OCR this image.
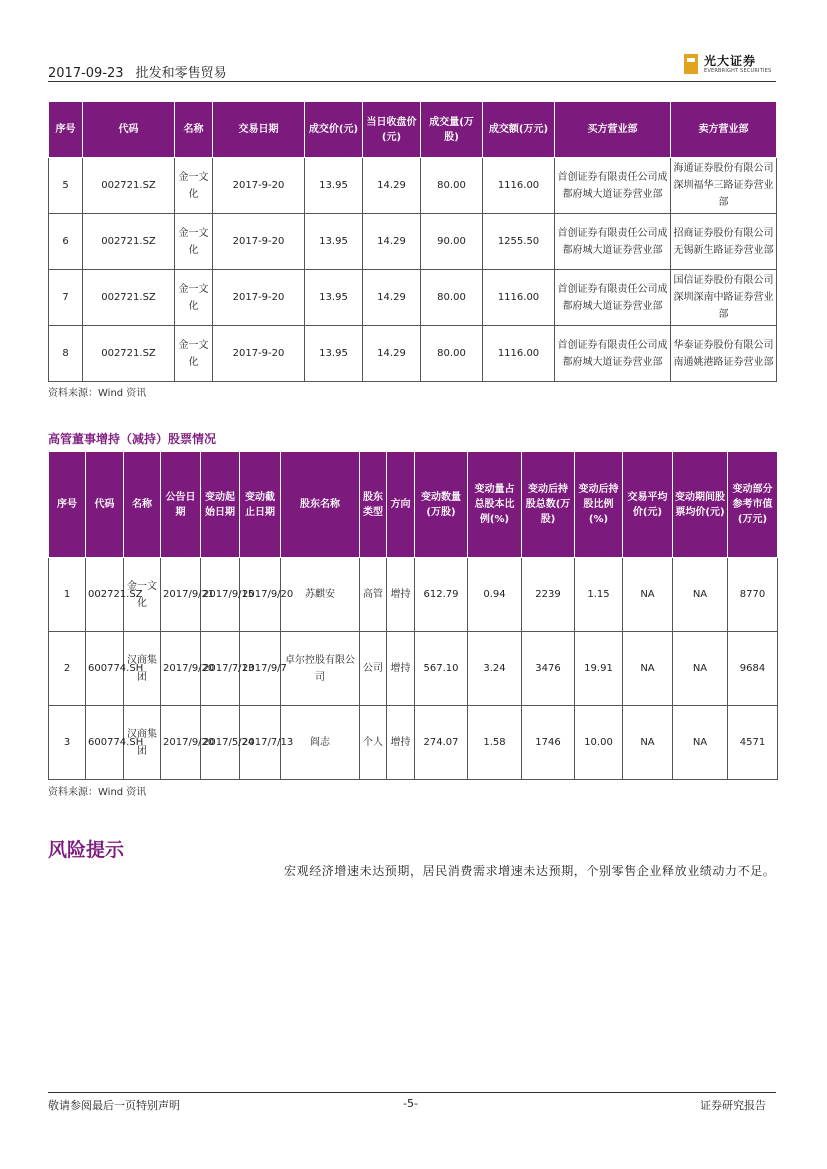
2017-09-23 批发和零售贸易
光大证券
EVERBRIGHT SECURITIES
序号	代码	名称	交易日期	成交价(元)	当日收盘价(元)	成交量(万股)	成交额(万元)	买方营业部	卖方营业部
5	002721.SZ	金一文化	2017-9-20	13.95	14.29	80.00	1116.00	首创证券有限责任公司成都府城大道证券营业部	海通证券股份有限公司深圳福华三路证券营业部
6	002721.SZ	金一文化	2017-9-20	13.95	14.29	90.00	1255.50	首创证券有限责任公司成都府城大道证券营业部	招商证券股份有限公司无锡新生路证券营业部
7	002721.SZ	金一文化	2017-9-20	13.95	14.29	80.00	1116.00	首创证券有限责任公司成都府城大道证券营业部	国信证券股份有限公司深圳深南中路证券营业部
8	002721.SZ	金一文化	2017-9-20	13.95	14.29	80.00	1116.00	首创证券有限责任公司成都府城大道证券营业部	华泰证券股份有限公司南通姚港路证券营业部
资料来源：Wind 资讯
高管董事增持（减持）股票情况
序号	代码	名称	公告日期	变动起始日期	变动截止日期	股东名称	股东类型	方向	变动数量(万股)	变动量占总股本比例(%)	变动后持股总数(万股)	变动后持股比例(%)	交易平均价(元)	变动期间股票均价(元)	变动部分参考市值(万元)
1	002721.SZ	金一文化	2017/9/21	2017/9/15	2017/9/20	苏麒安	高管	增持	612.79	0.94	2239	1.15	NA	NA	8770
2	600774.SH	汉商集团	2017/9/20	2017/7/13	2017/9/7	卓尔控股有限公司	公司	增持	567.10	3.24	3476	19.91	NA	NA	9684
3	600774.SH	汉商集团	2017/9/20	2017/5/24	2017/7/13	阎志	个人	增持	274.07	1.58	1746	10.00	NA	NA	4571
资料来源：Wind 资讯
风险提示
宏观经济增速未达预期，居民消费需求增速未达预期，个别零售企业释放业绩动力不足。
敬请参阅最后一页特别声明	-5-	证券研究报告
